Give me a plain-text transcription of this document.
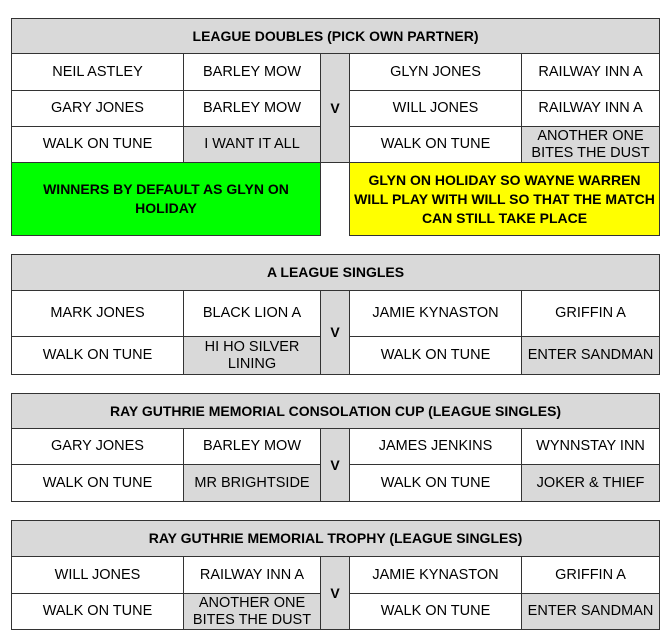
LEAGUE DOUBLES (PICK OWN PARTNER)				
NEIL ASTLEY	BARLEY MOW	V	GLYN JONES	RAILWAY INN A
GARY JONES	BARLEY MOW		WILL JONES	RAILWAY INN A
WALK ON TUNE	I WANT IT ALL		WALK ON TUNE	ANOTHER ONE BITES THE DUST
WINNERS BY DEFAULT AS GLYN ON HOLIDAY			GLYN ON HOLIDAY SO WAYNE WARREN WILL PLAY WITH WILL SO THAT THE MATCH CAN STILL TAKE PLACE	
A LEAGUE SINGLES				
MARK JONES	BLACK LION A	V	JAMIE KYNASTON	GRIFFIN A
WALK ON TUNE	HI HO SILVER LINING		WALK ON TUNE	ENTER SANDMAN
RAY GUTHRIE MEMORIAL CONSOLATION CUP (LEAGUE SINGLES)				
GARY JONES	BARLEY MOW	V	JAMES JENKINS	WYNNSTAY INN
WALK ON TUNE	MR BRIGHTSIDE		WALK ON TUNE	JOKER & THIEF
RAY GUTHRIE MEMORIAL TROPHY (LEAGUE SINGLES)				
WILL JONES	RAILWAY INN A	V	JAMIE KYNASTON	GRIFFIN A
WALK ON TUNE	ANOTHER ONE BITES THE DUST		WALK ON TUNE	ENTER SANDMAN
